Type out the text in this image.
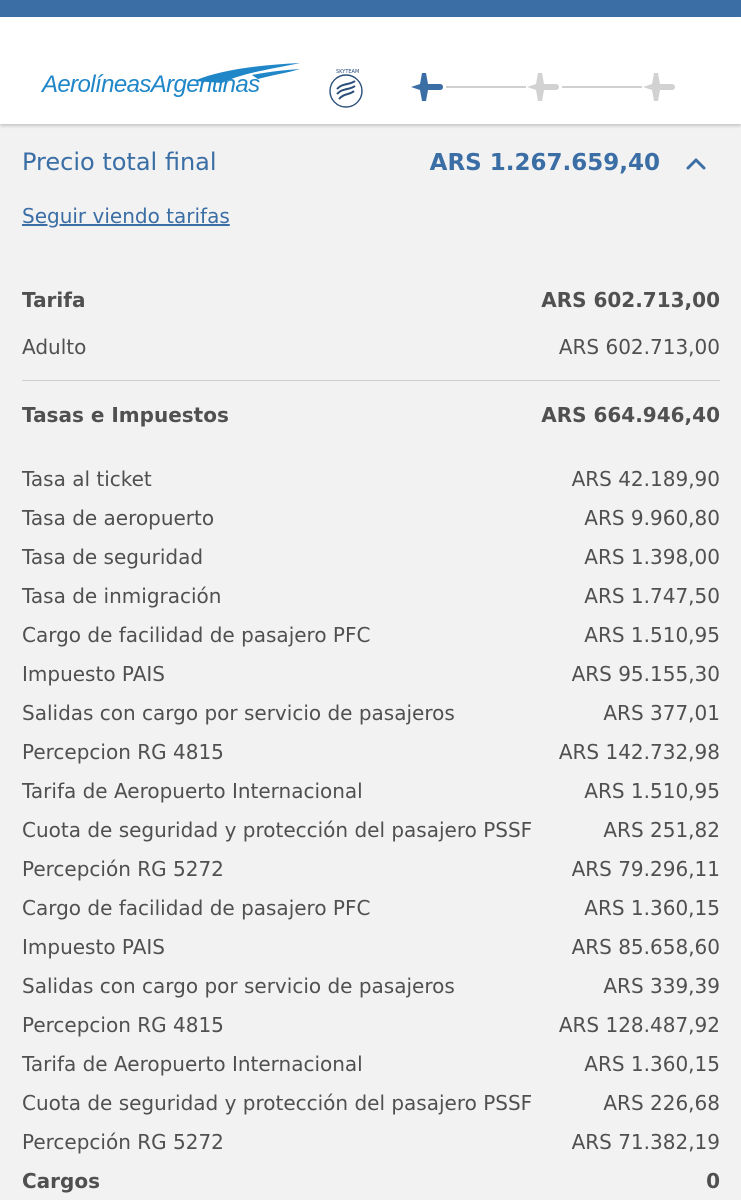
AerolíneasArgentinas	SKYTEAM
Precio total final	ARS 1.267.659,40
Seguir viendo tarifas
Tarifa	ARS 602.713,00
Adulto	ARS 602.713,00
Tasas e Impuestos	ARS 664.946,40
Tasa al ticket	ARS 42.189,90
Tasa de aeropuerto	ARS 9.960,80
Tasa de seguridad	ARS 1.398,00
Tasa de inmigración	ARS 1.747,50
Cargo de facilidad de pasajero PFC	ARS 1.510,95
Impuesto PAIS	ARS 95.155,30
Salidas con cargo por servicio de pasajeros	ARS 377,01
Percepcion RG 4815	ARS 142.732,98
Tarifa de Aeropuerto Internacional	ARS 1.510,95
Cuota de seguridad y protección del pasajero PSSF	ARS 251,82
Percepción RG 5272	ARS 79.296,11
Cargo de facilidad de pasajero PFC	ARS 1.360,15
Impuesto PAIS	ARS 85.658,60
Salidas con cargo por servicio de pasajeros	ARS 339,39
Percepcion RG 4815	ARS 128.487,92
Tarifa de Aeropuerto Internacional	ARS 1.360,15
Cuota de seguridad y protección del pasajero PSSF	ARS 226,68
Percepción RG 5272	ARS 71.382,19
Cargos	0
